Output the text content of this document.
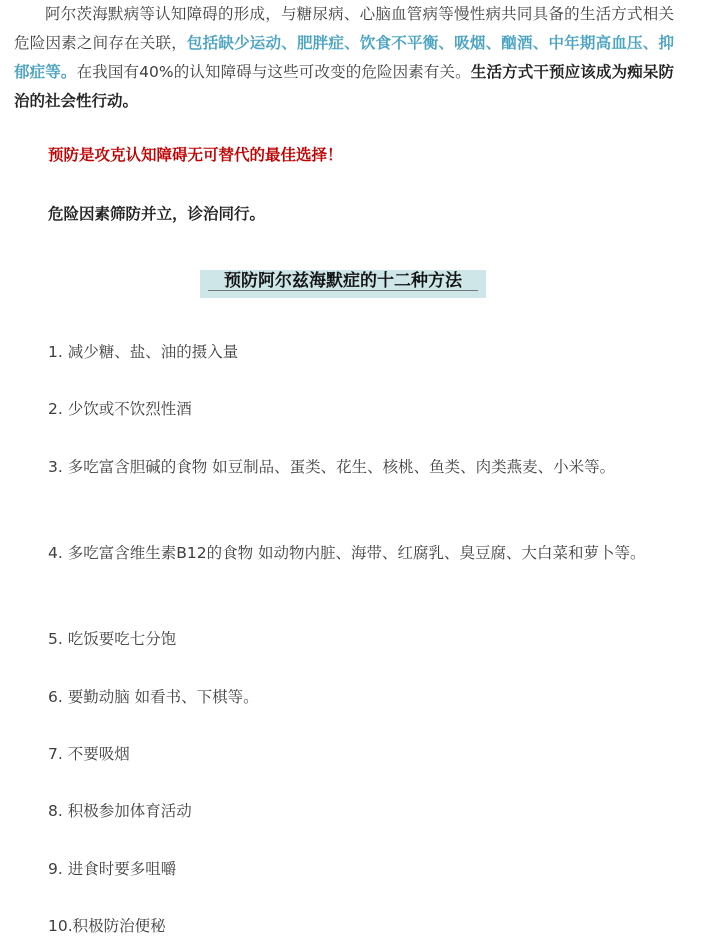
阿尔茨海默病等认知障碍的形成，与糖尿病、心脑血管病等慢性病共同具备的生活方式相关危险因素之间存在关联，包括缺少运动、肥胖症、饮食不平衡、吸烟、酗酒、中年期高血压、抑郁症等。在我国有40%的认知障碍与这些可改变的危险因素有关。生活方式干预应该成为痴呆防治的社会性行动。

预防是攻克认知障碍无可替代的最佳选择！

危险因素筛防并立，诊治同行。

预防阿尔兹海默症的十二种方法

1. 减少糖、盐、油的摄入量

2. 少饮或不饮烈性酒

3. 多吃富含胆碱的食物 如豆制品、蛋类、花生、核桃、鱼类、肉类燕麦、小米等。

4. 多吃富含维生素B12的食物 如动物内脏、海带、红腐乳、臭豆腐、大白菜和萝卜等。

5. 吃饭要吃七分饱

6. 要勤动脑 如看书、下棋等。

7. 不要吸烟

8. 积极参加体育活动

9. 进食时要多咀嚼

10.积极防治便秘
